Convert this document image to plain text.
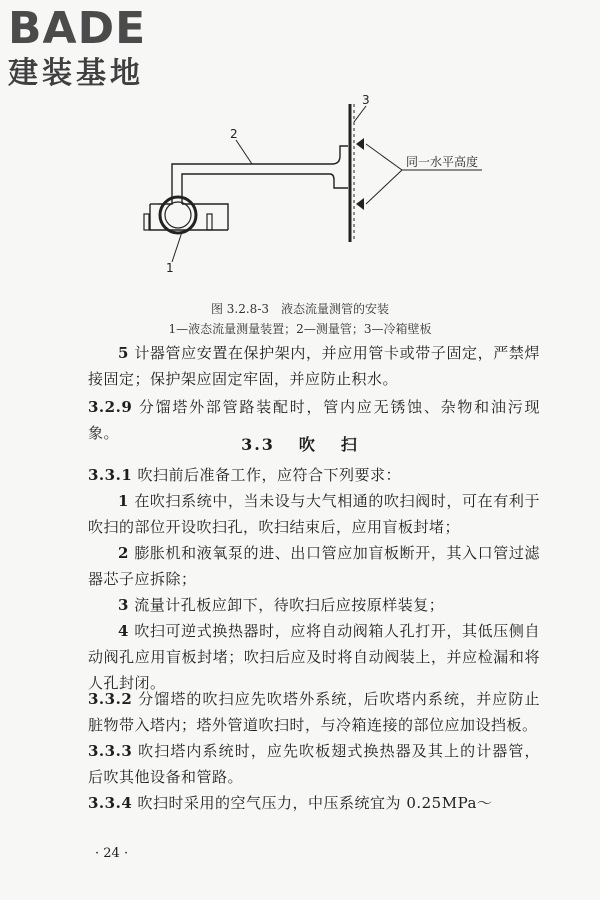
BADE
建装基地
同一水平高度
2
3
1
图 3.2.8-3　液态流量测管的安装
1—液态流量测量装置；2—测量管；3—冷箱壁板
5 计器管应安置在保护架内，并应用管卡或带子固定，严禁焊接固定；保护架应固定牢固，并应防止积水。
3.2.9 分馏塔外部管路装配时，管内应无锈蚀、杂物和油污现象。
3.3 吹 扫
3.3.1 吹扫前后准备工作，应符合下列要求：
1 在吹扫系统中，当未设与大气相通的吹扫阀时，可在有利于吹扫的部位开设吹扫孔，吹扫结束后，应用盲板封堵；
2 膨胀机和液氧泵的进、出口管应加盲板断开，其入口管过滤器芯子应拆除；
3 流量计孔板应卸下，待吹扫后应按原样装复；
4 吹扫可逆式换热器时，应将自动阀箱人孔打开，其低压侧自动阀孔应用盲板封堵；吹扫后应及时将自动阀装上，并应检漏和将人孔封闭。
3.3.2 分馏塔的吹扫应先吹塔外系统，后吹塔内系统，并应防止脏物带入塔内；塔外管道吹扫时，与冷箱连接的部位应加设挡板。
3.3.3 吹扫塔内系统时，应先吹板翅式换热器及其上的计器管，后吹其他设备和管路。
3.3.4 吹扫时采用的空气压力，中压系统宜为 0.25MPa～
· 24 ·
